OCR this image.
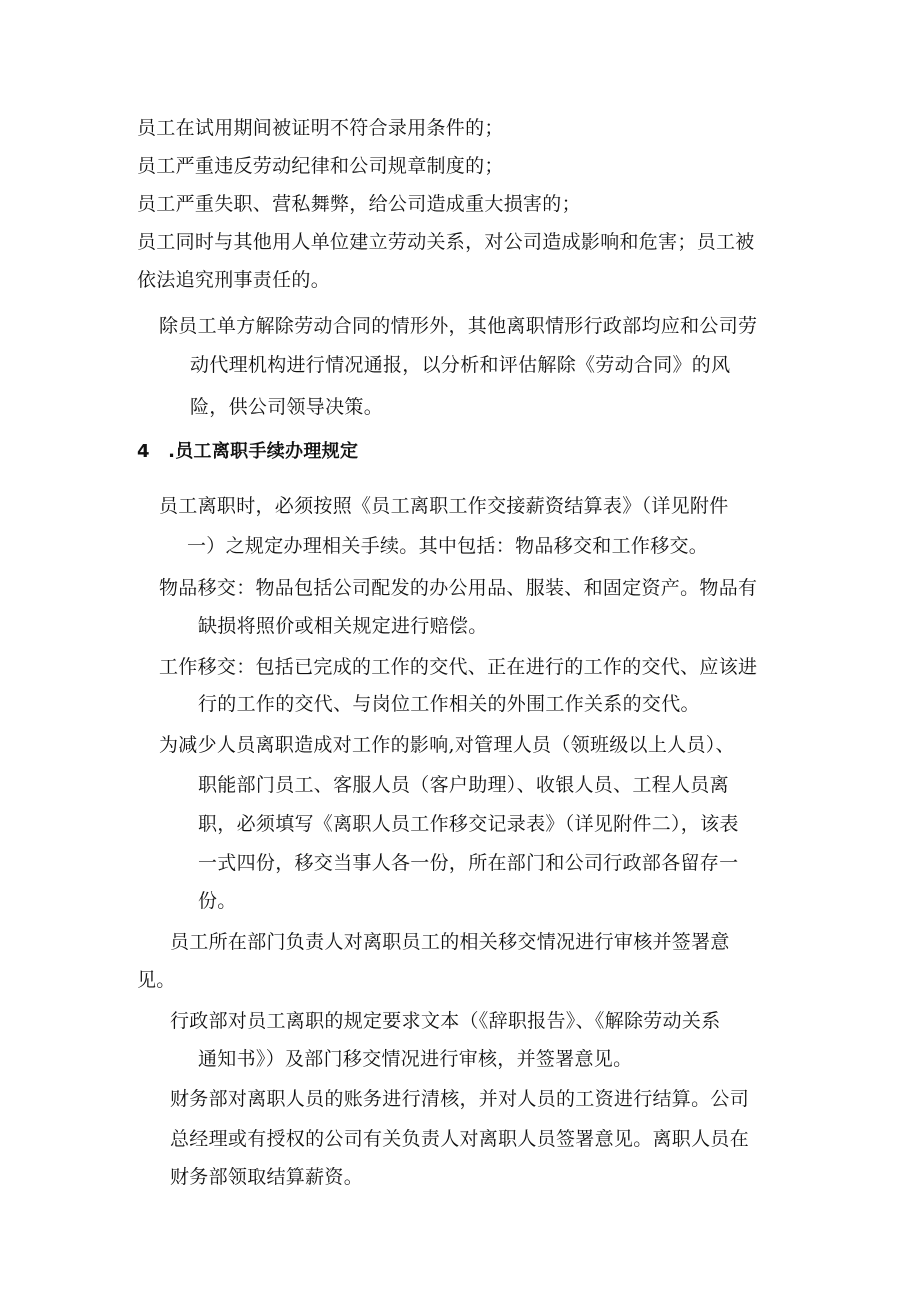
员工在试用期间被证明不符合录用条件的；
员工严重违反劳动纪律和公司规章制度的；
员工严重失职、营私舞弊，给公司造成重大损害的；
员工同时与其他用人单位建立劳动关系，对公司造成影响和危害；员工被
依法追究刑事责任的。
除员工单方解除劳动合同的情形外，其他离职情形行政部均应和公司劳
动代理机构进行情况通报，以分析和评估解除《劳动合同》的风
险，供公司领导决策。
4　.员工离职手续办理规定
员工离职时，必须按照《员工离职工作交接薪资结算表》（详见附件
一）之规定办理相关手续。其中包括：物品移交和工作移交。
物品移交：物品包括公司配发的办公用品、服装、和固定资产。物品有
缺损将照价或相关规定进行赔偿。
工作移交：包括已完成的工作的交代、正在进行的工作的交代、应该进
行的工作的交代、与岗位工作相关的外围工作关系的交代。
为减少人员离职造成对工作的影响,对管理人员（领班级以上人员）、
职能部门员工、客服人员（客户助理）、收银人员、工程人员离
职，必须填写《离职人员工作移交记录表》（详见附件二），该表
一式四份，移交当事人各一份，所在部门和公司行政部各留存一
份。
员工所在部门负责人对离职员工的相关移交情况进行审核并签署意
见。
行政部对员工离职的规定要求文本（《辞职报告》、《解除劳动关系
通知书》）及部门移交情况进行审核，并签署意见。
财务部对离职人员的账务进行清核，并对人员的工资进行结算。公司
总经理或有授权的公司有关负责人对离职人员签署意见。离职人员在
财务部领取结算薪资。
